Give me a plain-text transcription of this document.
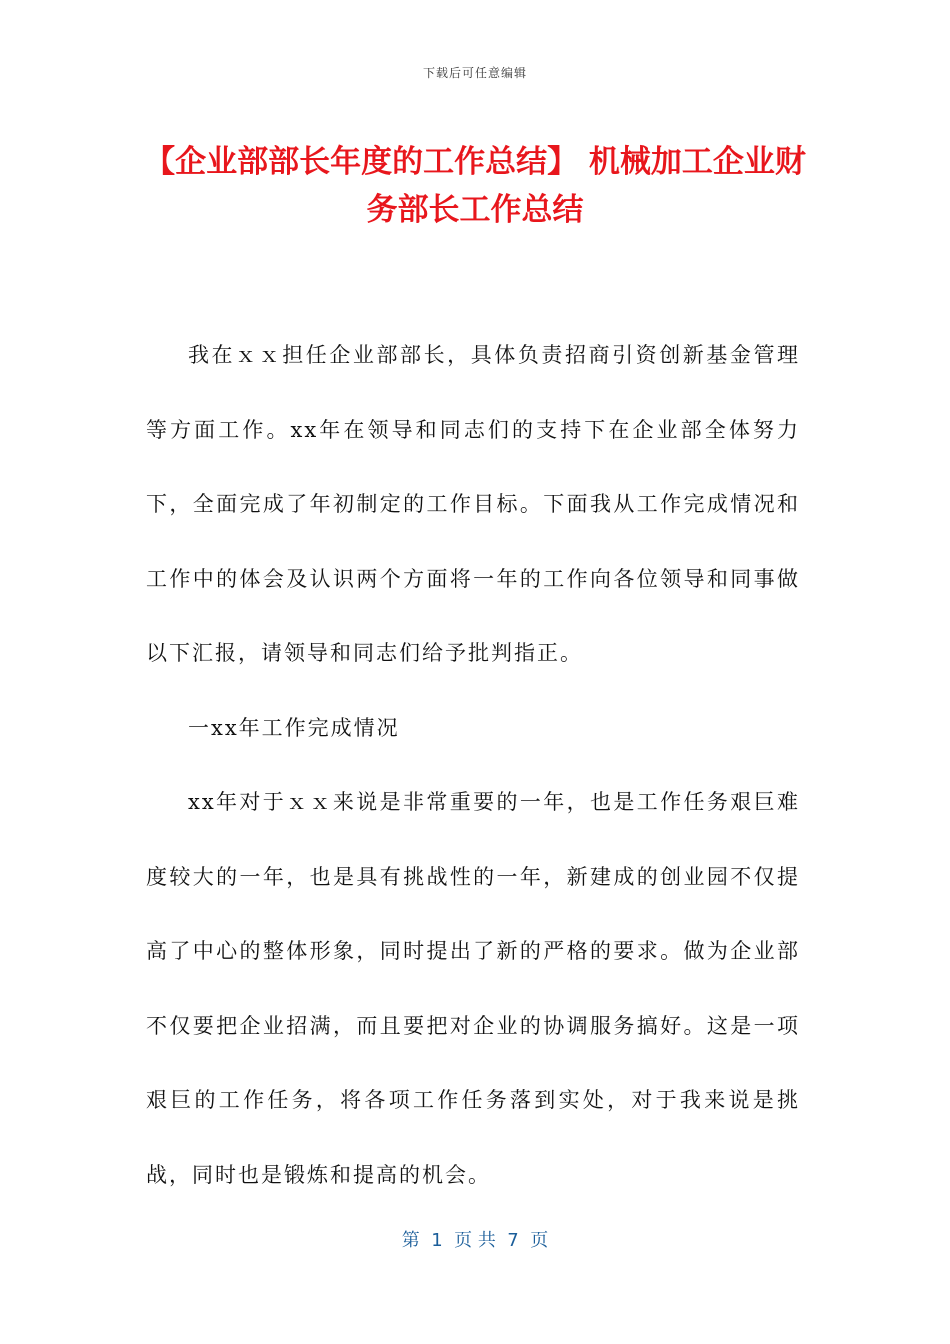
下载后可任意编辑
【企业部部长年度的工作总结】 机械加工企业财务部长工作总结

我在ｘｘ担任企业部部长，具体负责招商引资创新基金管理等方面工作。xx年在领导和同志们的支持下在企业部全体努力下，全面完成了年初制定的工作目标。下面我从工作完成情况和工作中的体会及认识两个方面将一年的工作向各位领导和同事做以下汇报，请领导和同志们给予批判指正。

一xx年工作完成情况

xx年对于ｘｘ来说是非常重要的一年，也是工作任务艰巨难度较大的一年，也是具有挑战性的一年，新建成的创业园不仅提高了中心的整体形象，同时提出了新的严格的要求。做为企业部不仅要把企业招满，而且要把对企业的协调服务搞好。这是一项艰巨的工作任务，将各项工作任务落到实处，对于我来说是挑战，同时也是锻炼和提高的机会。

第  1  页 共  7  页
